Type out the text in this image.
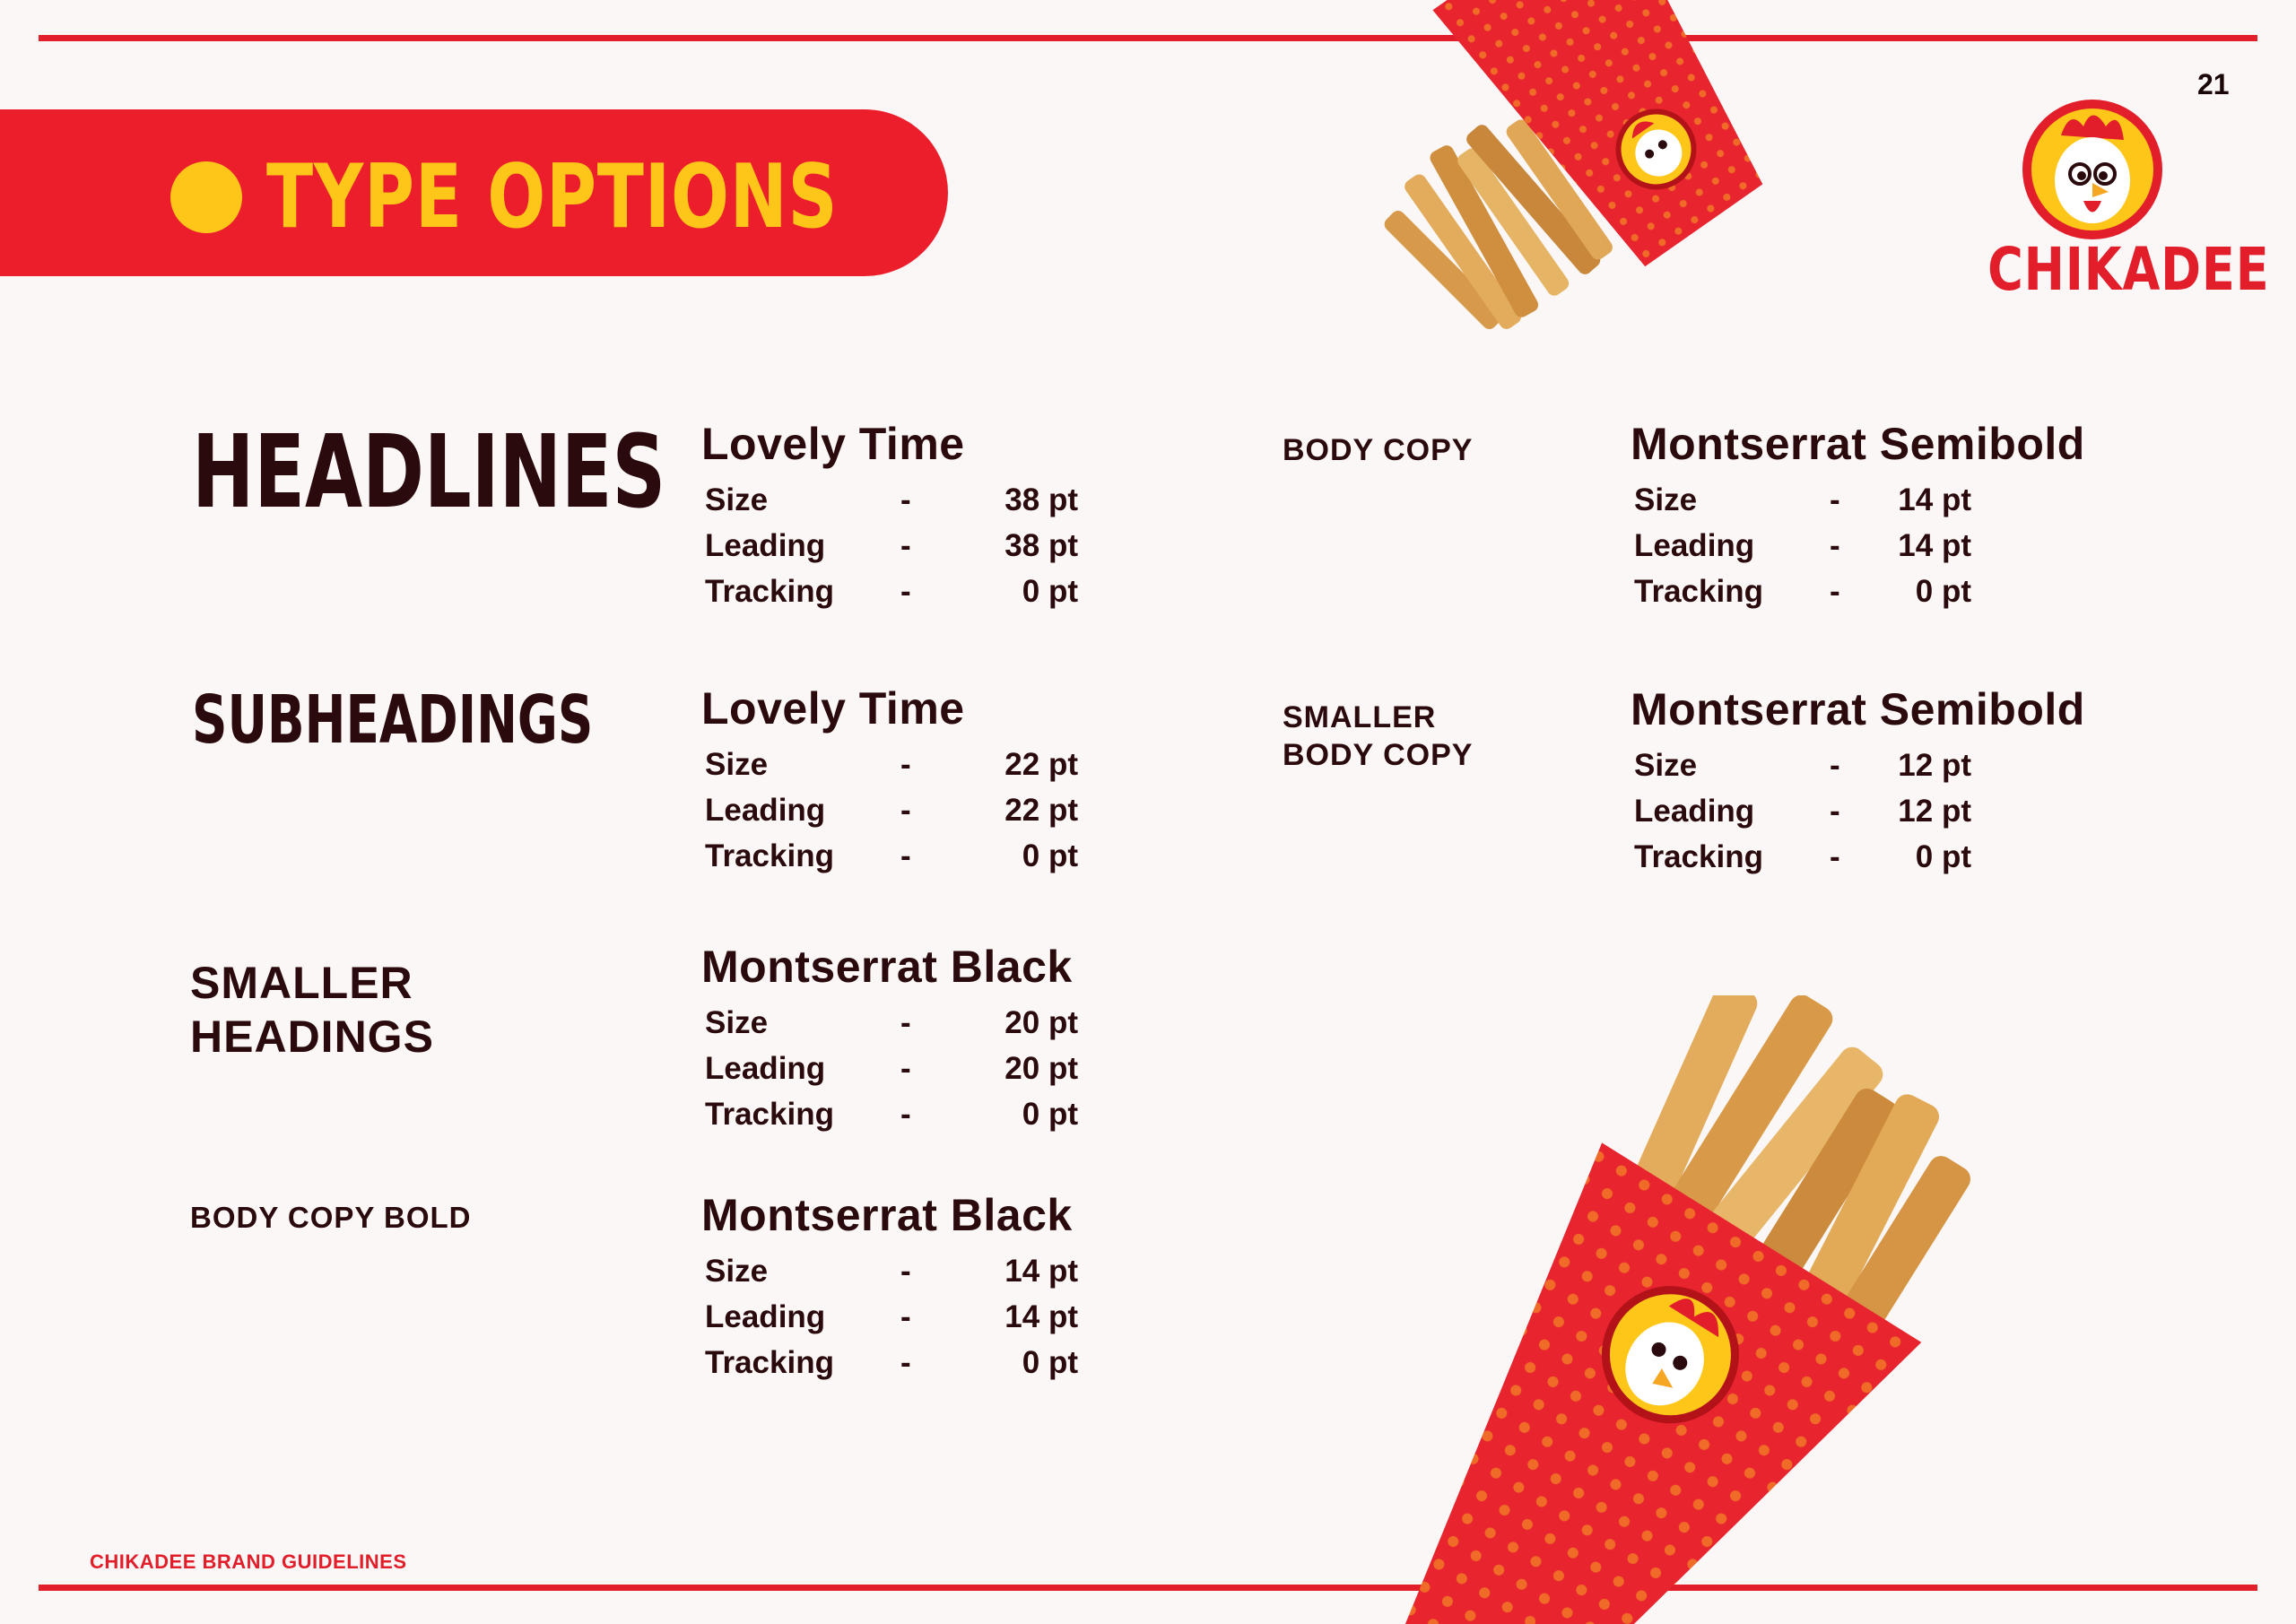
TYPE OPTIONS
21
CHIKADEE
HEADLINES
SUBHEADINGS
SMALLER
HEADINGS
BODY COPY BOLD
BODY COPY
SMALLER
BODY COPY
Lovely Time
Size	-	38 pt
Leading -	38 pt
Tracking -	0 pt
Lovely Time
Size	-	22 pt
Leading -	22 pt
Tracking -	0 pt
Montserrat Black
Size	-	20 pt
Leading -	20 pt
Tracking -	0 pt
Montserrat Black
Size	-	14 pt
Leading -	14 pt
Tracking -	0 pt
Montserrat Semibold
Size	-	14 pt
Leading -	14 pt
Tracking -	0 pt
Montserrat Semibold
Size	-	12 pt
Leading -	12 pt
Tracking -	0 pt
CHIKADEE BRAND GUIDELINES
